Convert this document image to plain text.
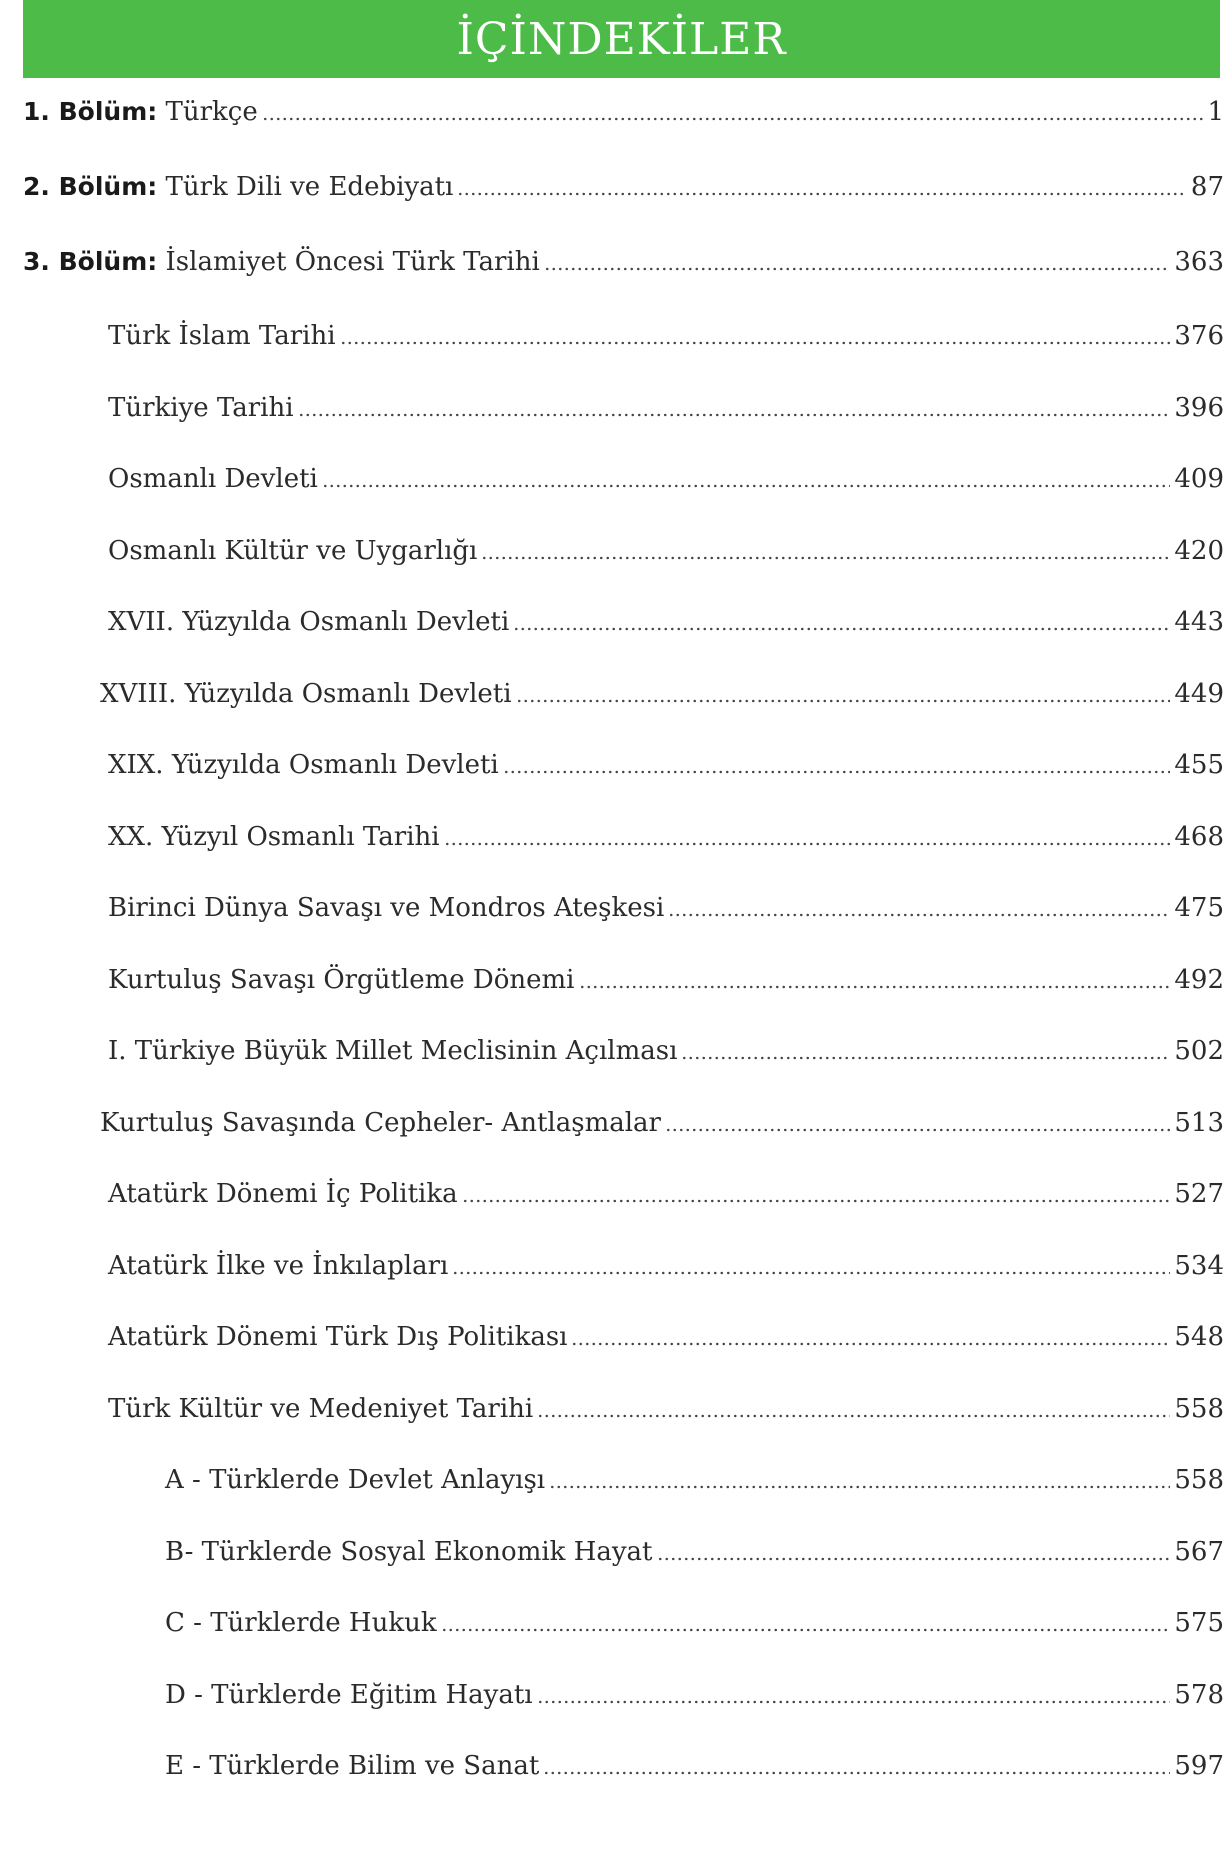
İÇİNDEKİLER
1. Bölüm: Türkçe	1
2. Bölüm: Türk Dili ve Edebiyatı	87
3. Bölüm: İslamiyet Öncesi Türk Tarihi	363
Türk İslam Tarihi	376
Türkiye Tarihi	396
Osmanlı Devleti	409
Osmanlı Kültür ve Uygarlığı	420
XVII. Yüzyılda Osmanlı Devleti	443
XVIII. Yüzyılda Osmanlı Devleti	449
XIX. Yüzyılda Osmanlı Devleti	455
XX. Yüzyıl Osmanlı Tarihi	468
Birinci Dünya Savaşı ve Mondros Ateşkesi	475
Kurtuluş Savaşı Örgütleme Dönemi	492
I. Türkiye Büyük Millet Meclisinin Açılması	502
Kurtuluş Savaşında Cepheler- Antlaşmalar	513
Atatürk Dönemi İç Politika	527
Atatürk İlke ve İnkılapları	534
Atatürk Dönemi Türk Dış Politikası	548
Türk Kültür ve Medeniyet Tarihi	558
A - Türklerde Devlet Anlayışı	558
B- Türklerde Sosyal Ekonomik Hayat	567
C - Türklerde Hukuk	575
D - Türklerde Eğitim Hayatı	578
E - Türklerde Bilim ve Sanat	597
